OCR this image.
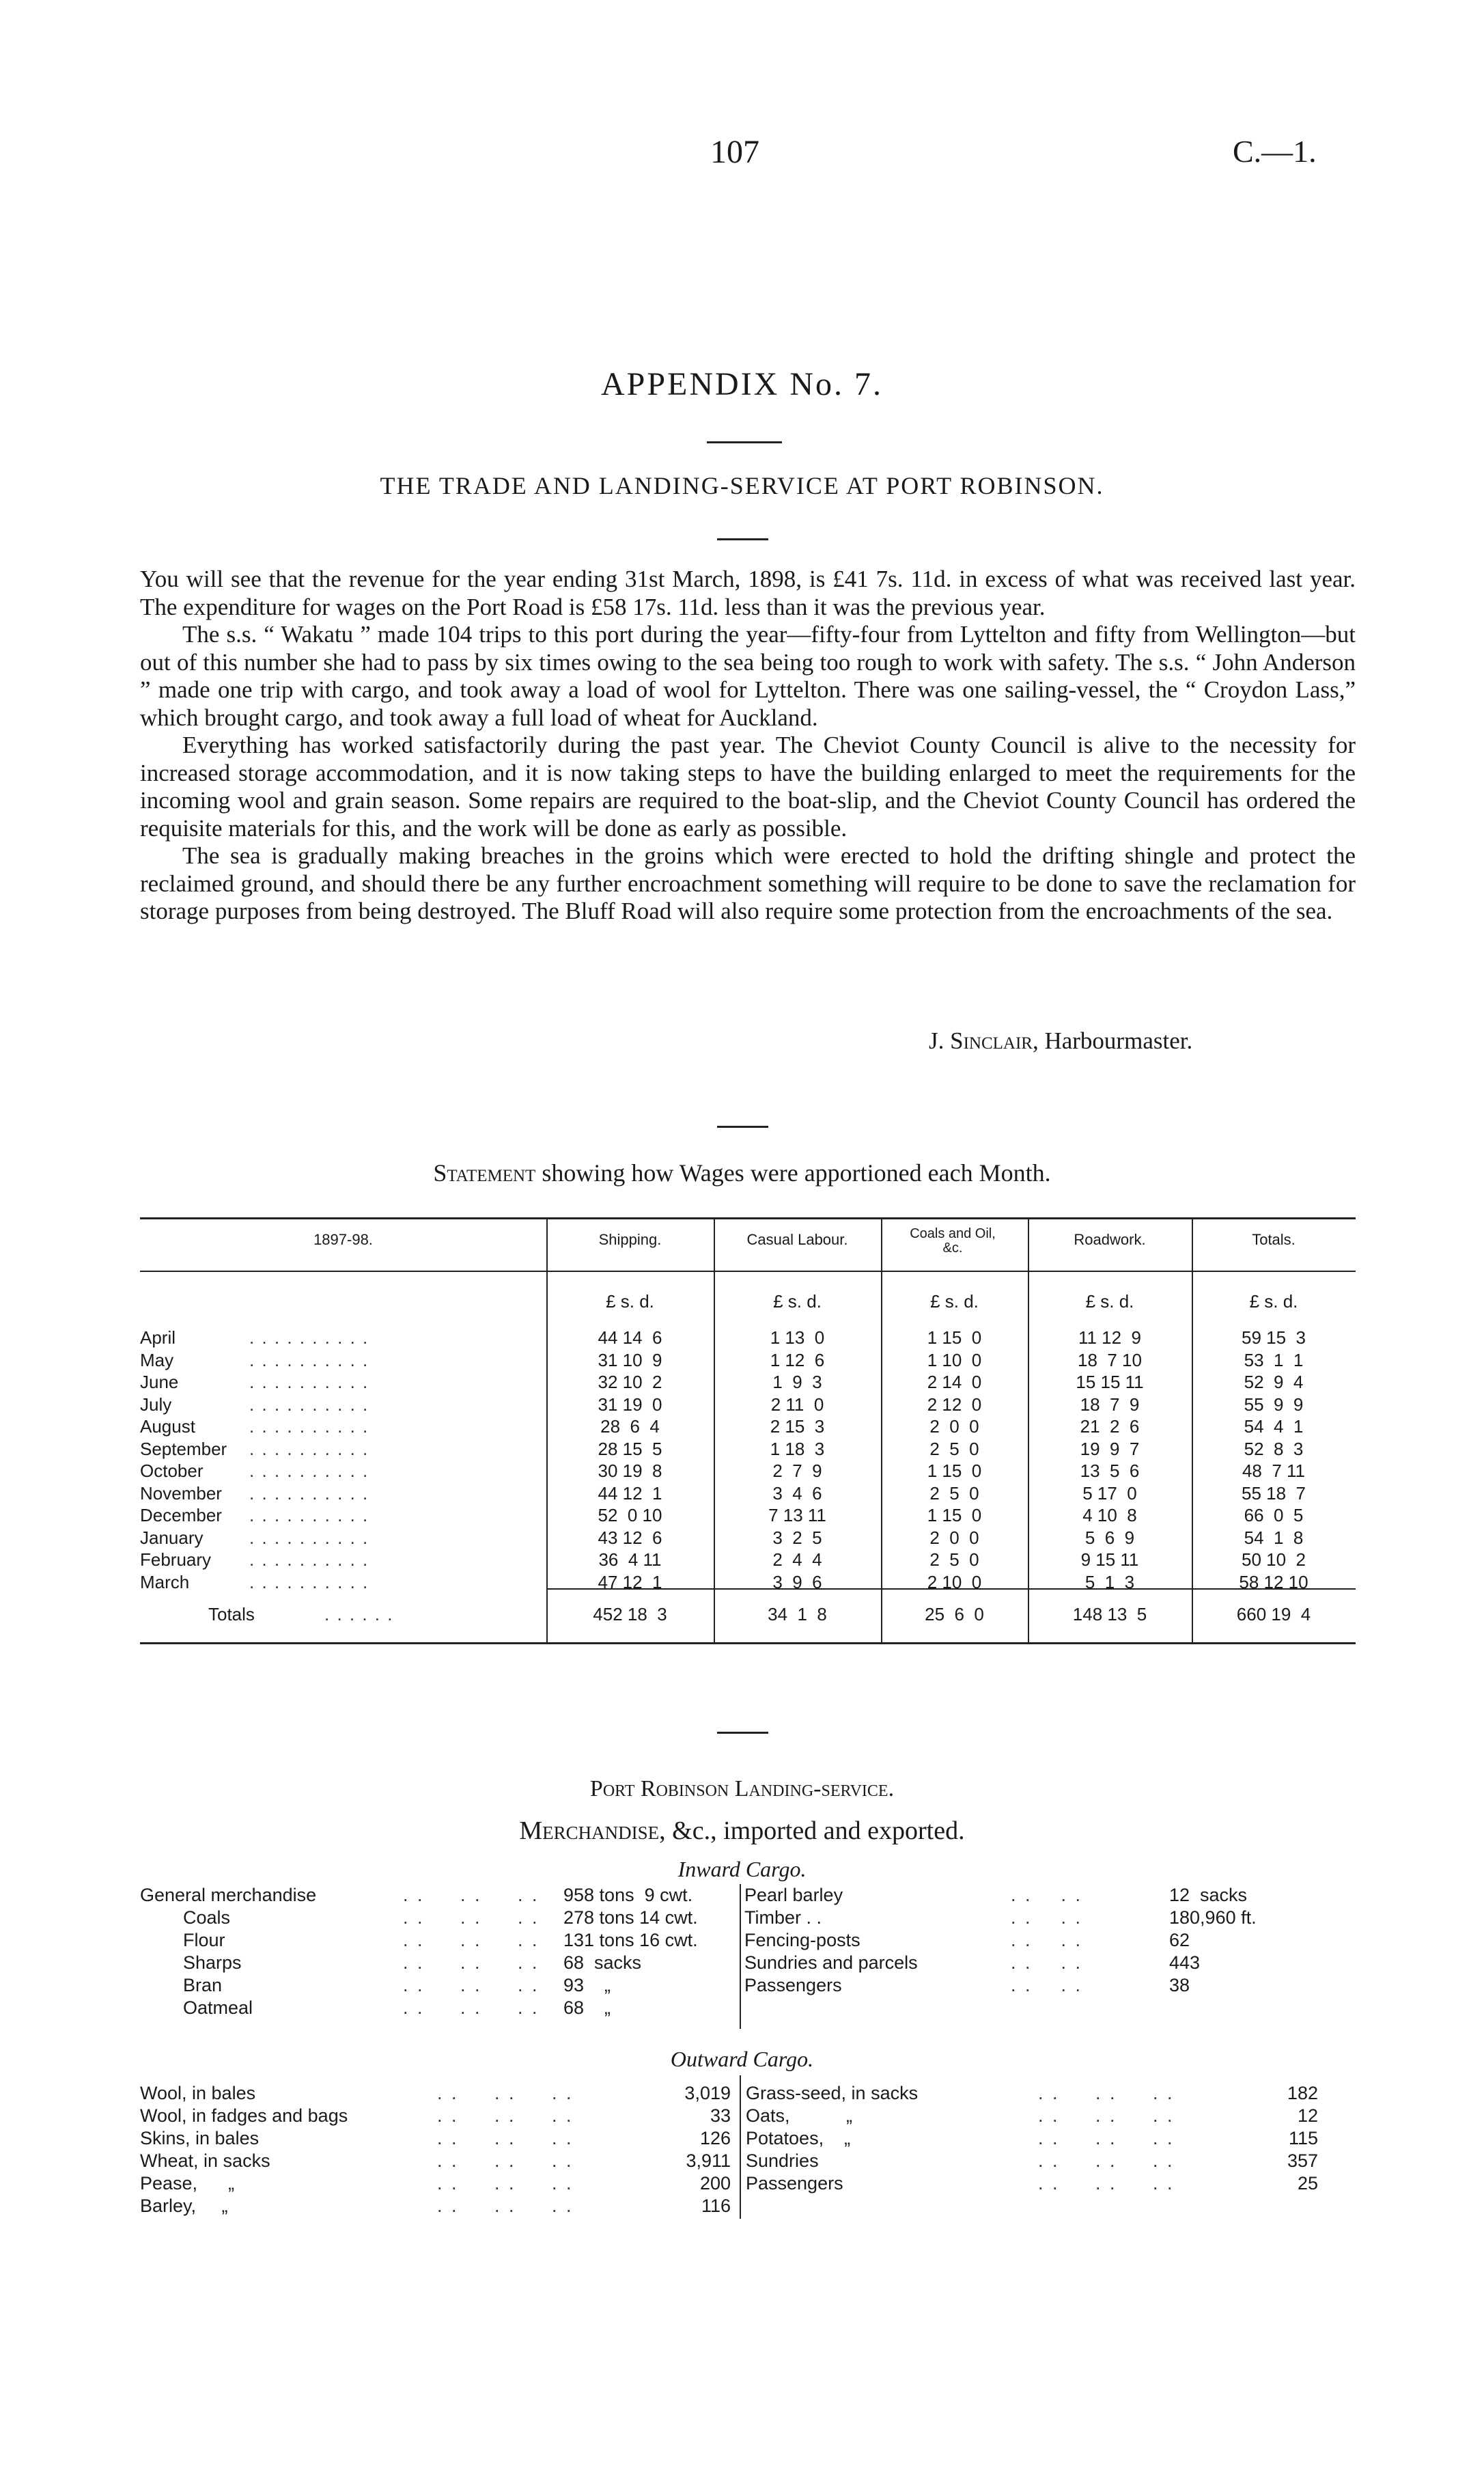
107	C.—1.
APPENDIX No. 7.
THE TRADE AND LANDING-SERVICE AT PORT ROBINSON.

You will see that the revenue for the year ending 31st March, 1898, is £41 7s. 11d. in excess of what was received last year. The expenditure for wages on the Port Road is £58 17s. 11d. less than it was the previous year.

The s.s. “ Wakatu ” made 104 trips to this port during the year—fifty-four from Lyttelton and fifty from Wellington—but out of this number she had to pass by six times owing to the sea being too rough to work with safety. The s.s. “ John Anderson ” made one trip with cargo, and took away a load of wool for Lyttelton. There was one sailing-vessel, the “ Croydon Lass,” which brought cargo, and took away a full load of wheat for Auckland.

Everything has worked satisfactorily during the past year. The Cheviot County Council is alive to the necessity for increased storage accommodation, and it is now taking steps to have the building enlarged to meet the requirements for the incoming wool and grain season. Some repairs are required to the boat-slip, and the Cheviot County Council has ordered the requisite materials for this, and the work will be done as early as possible.

The sea is gradually making breaches in the groins which were erected to hold the drifting shingle and protect the reclaimed ground, and should there be any further encroachment something will require to be done to save the reclamation for storage purposes from being destroyed. The Bluff Road will also require some protection from the encroachments of the sea.

J. Sinclair, Harbourmaster.
Statement showing how Wages were apportioned each Month.
1897-98.	Shipping.	Casual Labour.	Coals and Oil, &c.	Roadwork.	Totals.
£ s. d.	£ s. d.	£ s. d.	£ s. d.	£ s. d.
April	. . . . . . . . . .	44 14  6	1 13  0	1 15  0	11 12  9	59 15  3
May	. . . . . . . . . .	31 10  9	1 12  6	1 10  0	18  7 10	53  1  1
June	. . . . . . . . . .	32 10  2	1  9  3	2 14  0	15 15 11	52  9  4
July	. . . . . . . . . .	31 19  0	2 11  0	2 12  0	18  7  9	55  9  9
August	. . . . . . . . . .	28  6  4	2 15  3	2  0  0	21  2  6	54  4  1
September . . . . . . . . . .	28 15  5	1 18  3	2  5  0	19  9  7	52  8  3
October	. . . . . . . . . .	30 19  8	2  7  9	1 15  0	13  5  6	48  7 11
November . . . . . . . . . .	44 12  1	3  4  6	2  5  0	5 17  0	55 18  7
December . . . . . . . . . .	52  0 10	7 13 11	1 15  0	4 10  8	66  0  5
January	. . . . . . . . . .	43 12  6	3  2  5	2  0  0	5  6  9	54  1  8
February . . . . . . . . . .	36  4 11	2  4  4	2  5  0	9 15 11	50 10  2
March	. . . . . . . . . .	47 12  1	3  9  6	2 10  0	5  1  3	58 12 10
Totals	. . . . . .	452 18  3	34  1  8	25  6  0	148 13  5	660 19  4
Port Robinson Landing-service.
Merchandise, &c., imported and exported.
Inward Cargo.
General merchandise	. .     . .     . . 958 tons  9 cwt.
Coals	. .     . .     . . 278 tons 14 cwt.
Flour	. .     . .     . . 131 tons 16 cwt.
Sharps	. .     . .     . . 68  sacks
Bran	. .     . .     . . 93    „
Oatmeal	. .     . .     . . 68    „
Pearl barley	. .    . .	12  sacks
Timber . .	. .    . .	180,960 ft.
Fencing-posts	. .    . .	62
Sundries and parcels	. .    . .	443
Passengers	. .    . .	38
Outward Cargo.
Wool, in bales	. .     . .     . .	3,019
Wool, in fadges and bags	. .     . .     . .	33
Skins, in bales	. .     . .     . .	126
Wheat, in sacks	. .     . .     . .	3,911
Pease,      „	. .     . .     . .	200
Barley,     „	. .     . .     . .	116
Grass-seed, in sacks	. .     . .     . .	182
Oats,           „	. .     . .     . .	12
Potatoes,    „	. .     . .     . .	115
Sundries	. .     . .     . .	357
Passengers	. .     . .     . .	25
